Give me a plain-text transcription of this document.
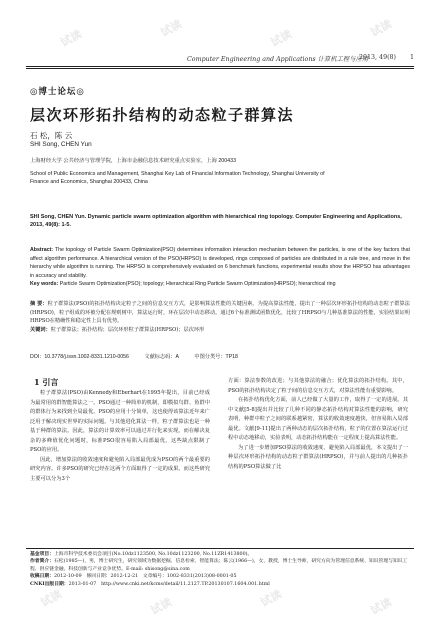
试读	试读	试读	试读
试读	试读	试读	试读
Computer Engineering and Applications 计算机工程与应用
2013, 49(8) 1
◎博士论坛◎
层次环形拓扑结构的动态粒子群算法
石 松，陈 云
SHI Song, CHEN Yun
上海财经大学 公共经济与管理学院，上海市金融信息技术研究重点实验室，上海 200433
School of Public Economics and Management, Shanghai Key Lab of Financial Information Technology, Shanghai University of
Finance and Economics, Shanghai 200433, China
SHI Song, CHEN Yun. Dynamic particle swarm optimization algorithm with hierarchical ring topology. Computer Engineering and Applications, 2013, 49(8): 1-5.
Abstract: The topology of Particle Swarm Optimization(PSO) determines information interaction mechanism between the particles, is one of the key factors that affect algorithm performance. A hierarchical version of the PSO(HRPSO) is developed, rings composed of particles are distributed in a rule tree, and move in the hierarchy while algorithm is running. The HRPSO is comprehensively evaluated on 6 benchmark functions, experimental results show the HRPSO has advantages in accuracy and stability.
Key words: Particle Swarm Optimization(PSO); topology; Hierarchical Ring Particle Swarm Optimization(HRPSO); hierarchical ring
摘 要：粒子群算法(PSO)的拓扑结构决定粒子之间的信息交互方式，是影响算法性能的关键因素。为提高算法性能，提出了一种层次环形拓扑结构的动态粒子群算法(HRPSO)，粒子组成的环被分配在规则树中，算法运行时，环在层次中动态移动。通过6个标准测试函数优化，比较了HRPSO与几种基准算法的性能，实验结果证明HRPSO在精确性和稳定性上具有优势。
关键词：粒子群算法；拓扑结构；层次环形粒子群算法(HRPSO)；层次环形
DOI：10.3778/j.issn.1002-8331.1210-0056	文献标志码：A	中图分类号：TP18
1 引言

粒子群算法(PSO)由Kennedy和Eberhart在1995年提出，目前已经成为最常用的群智能算法之一。PSO通过一种简单的机制，即模拟鸟群、鱼群中的群体行为来找到全局最优。PSO的应用十分简单，这也使得该算法近年来广泛用于解决现实世界的实际问题。与其他进化算法一样，粒子群算法也是一种基于种群的算法。因此，算法的计算效率可以通过并行化来实现。而在解决复杂的多峰值优化问题时，标准PSO很容易陷入局部最优。这些缺点限制了PSO的应用。

因此，增加算法的收敛速度和避免陷入局部最优成为PSO的两个最重要的研究内容。许多PSO的研究已经在这两个方面取得了一定的成果。而这些研究主要可以分为3个

方面：算法参数的改进；与其他算法的融合；优化算法的拓扑结构。其中，PSO的拓扑结构决定了粒子间的信息交互方式，对算法性能有重要影响。

在拓扑结构优化方面，前人已经做了大量的工作，取得了一定的进展。其中文献[5-8]提出并比较了几种不同的静态拓扑结构对算法性能的影响，研究表明，种群中粒子之间的联系越紧密，算法的收敛速度越快，但容易陷入局部最优。文献[9-11]提出了两种动态的层次拓扑结构，粒子的位置在算法运行过程中动态地移动，实验表明，动态拓扑结构能在一定程度上提高算法性能。

为了进一步增加PSO算法的收敛速度、避免陷入局部最优，本文提出了一种层次环形拓扑结构的动态粒子群算法(HRPSO)，并与前人提出的几种拓扑结构的PSO算法做了比

基金项目：上海市科学技术委员会项目(No.10dz1123500, No.10dz1123200, No.11ZR1413800)。
作者简介：石松(1985—)，男，博士研究生，研究领域为数据挖掘、信息检索、智能算法；陈云(1966—)，女，教授，博士生导师，研究方向为管理信息系统、知识管理与知识工程、供应链金融、科技创新与产业竞争优势。E-mail: shisong@sina.com
收稿日期：2012-10-09　修回日期：2012-12-21　文章编号：1002-8331(2013)08-0001-05
CNKI出版日期：2013-01-07　http://www.cnki.net/kcms/detail/11.2127.TP.20130107.1604.001.html
